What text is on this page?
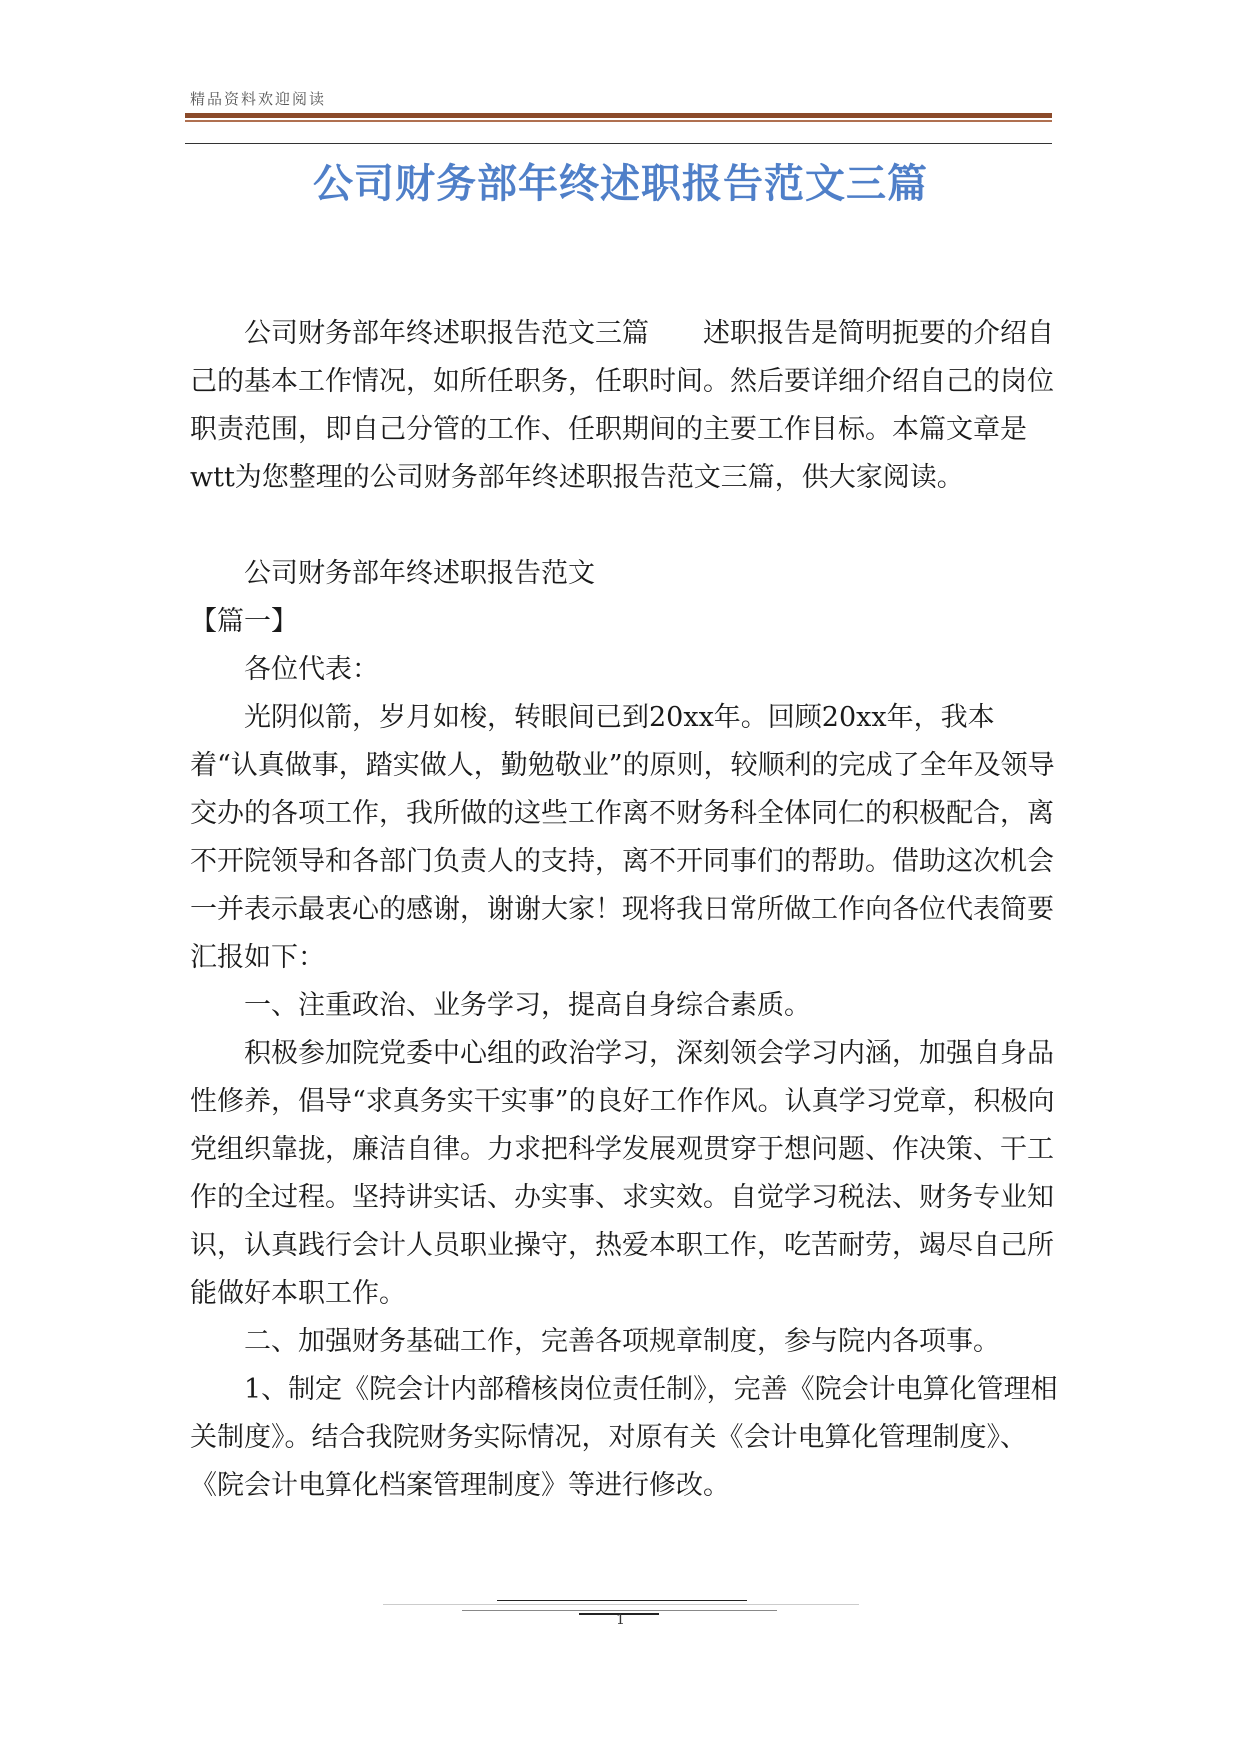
精品资料欢迎阅读
公司财务部年终述职报告范文三篇

公司财务部年终述职报告范文三篇　　述职报告是简明扼要的介绍自己的基本工作情况，如所任职务，任职时间。然后要详细介绍自己的岗位职责范围，即自己分管的工作、任职期间的主要工作目标。本篇文章是wtt为您整理的公司财务部年终述职报告范文三篇，供大家阅读。

公司财务部年终述职报告范文

【篇一】

各位代表：

光阴似箭，岁月如梭，转眼间已到20xx年。回顾20xx年，我本着“认真做事，踏实做人，勤勉敬业”的原则，较顺利的完成了全年及领导交办的各项工作，我所做的这些工作离不财务科全体同仁的积极配合，离不开院领导和各部门负责人的支持，离不开同事们的帮助。借助这次机会一并表示最衷心的感谢，谢谢大家！现将我日常所做工作向各位代表简要汇报如下：

一、注重政治、业务学习，提高自身综合素质。

积极参加院党委中心组的政治学习，深刻领会学习内涵，加强自身品性修养，倡导“求真务实干实事”的良好工作作风。认真学习党章，积极向党组织靠拢，廉洁自律。力求把科学发展观贯穿于想问题、作决策、干工作的全过程。坚持讲实话、办实事、求实效。自觉学习税法、财务专业知识，认真践行会计人员职业操守，热爱本职工作，吃苦耐劳，竭尽自己所能做好本职工作。

二、加强财务基础工作，完善各项规章制度，参与院内各项事。

1、制定《院会计内部稽核岗位责任制》，完善《院会计电算化管理相关制度》。结合我院财务实际情况，对原有关《会计电算化管理制度》、《院会计电算化档案管理制度》等进行修改。

1
